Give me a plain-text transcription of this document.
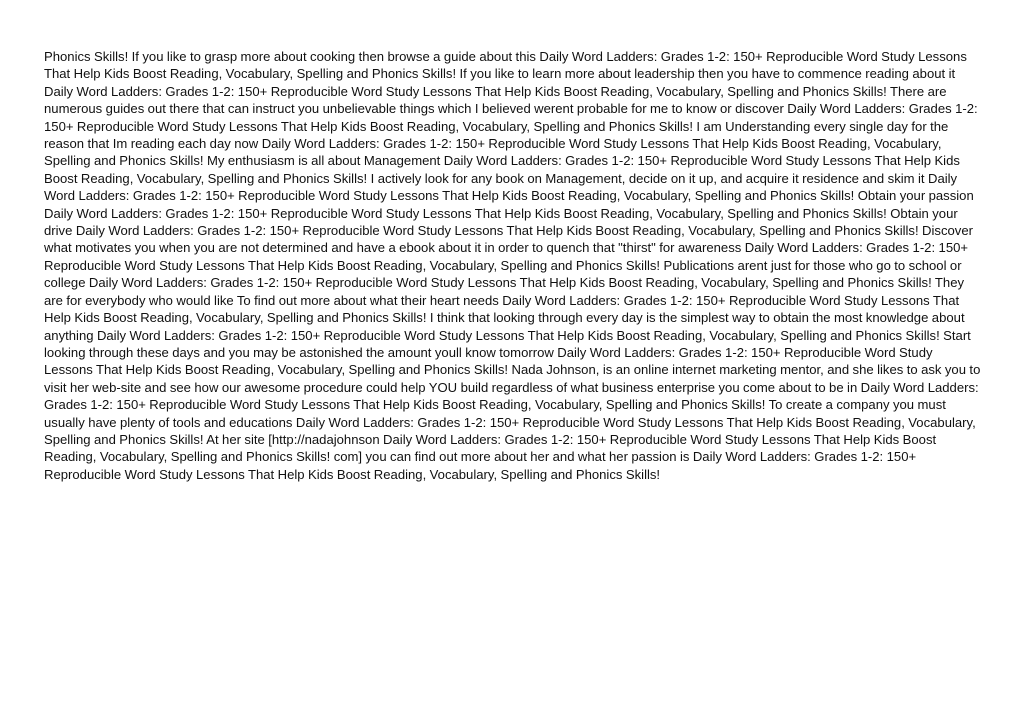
Phonics Skills! If you like to grasp more about cooking then browse a guide about this Daily Word Ladders: Grades 1-2: 150+ Reproducible Word Study Lessons That Help Kids Boost Reading, Vocabulary, Spelling and Phonics Skills! If you like to learn more about leadership then you have to commence reading about it Daily Word Ladders: Grades 1-2: 150+ Reproducible Word Study Lessons That Help Kids Boost Reading, Vocabulary, Spelling and Phonics Skills! There are numerous guides out there that can instruct you unbelievable things which I believed werent probable for me to know or discover Daily Word Ladders: Grades 1-2: 150+ Reproducible Word Study Lessons That Help Kids Boost Reading, Vocabulary, Spelling and Phonics Skills! I am Understanding every single day for the reason that Im reading each day now Daily Word Ladders: Grades 1-2: 150+ Reproducible Word Study Lessons That Help Kids Boost Reading, Vocabulary, Spelling and Phonics Skills! My enthusiasm is all about Management Daily Word Ladders: Grades 1-2: 150+ Reproducible Word Study Lessons That Help Kids Boost Reading, Vocabulary, Spelling and Phonics Skills! I actively look for any book on Management, decide on it up, and acquire it residence and skim it Daily Word Ladders: Grades 1-2: 150+ Reproducible Word Study Lessons That Help Kids Boost Reading, Vocabulary, Spelling and Phonics Skills! Obtain your passion Daily Word Ladders: Grades 1-2: 150+ Reproducible Word Study Lessons That Help Kids Boost Reading, Vocabulary, Spelling and Phonics Skills! Obtain your drive Daily Word Ladders: Grades 1-2: 150+ Reproducible Word Study Lessons That Help Kids Boost Reading, Vocabulary, Spelling and Phonics Skills! Discover what motivates you when you are not determined and have a ebook about it in order to quench that "thirst" for awareness Daily Word Ladders: Grades 1-2: 150+ Reproducible Word Study Lessons That Help Kids Boost Reading, Vocabulary, Spelling and Phonics Skills! Publications arent just for those who go to school or college Daily Word Ladders: Grades 1-2: 150+ Reproducible Word Study Lessons That Help Kids Boost Reading, Vocabulary, Spelling and Phonics Skills! They are for everybody who would like To find out more about what their heart needs Daily Word Ladders: Grades 1-2: 150+ Reproducible Word Study Lessons That Help Kids Boost Reading, Vocabulary, Spelling and Phonics Skills! I think that looking through every day is the simplest way to obtain the most knowledge about anything Daily Word Ladders: Grades 1-2: 150+ Reproducible Word Study Lessons That Help Kids Boost Reading, Vocabulary, Spelling and Phonics Skills! Start looking through these days and you may be astonished the amount youll know tomorrow Daily Word Ladders: Grades 1-2: 150+ Reproducible Word Study Lessons That Help Kids Boost Reading, Vocabulary, Spelling and Phonics Skills! Nada Johnson, is an online internet marketing mentor, and she likes to ask you to visit her web-site and see how our awesome procedure could help YOU build regardless of what business enterprise you come about to be in Daily Word Ladders: Grades 1-2: 150+ Reproducible Word Study Lessons That Help Kids Boost Reading, Vocabulary, Spelling and Phonics Skills! To create a company you must usually have plenty of tools and educations Daily Word Ladders: Grades 1-2: 150+ Reproducible Word Study Lessons That Help Kids Boost Reading, Vocabulary, Spelling and Phonics Skills! At her site [http://nadajohnson Daily Word Ladders: Grades 1-2: 150+ Reproducible Word Study Lessons That Help Kids Boost Reading, Vocabulary, Spelling and Phonics Skills! com] you can find out more about her and what her passion is Daily Word Ladders: Grades 1-2: 150+ Reproducible Word Study Lessons That Help Kids Boost Reading, Vocabulary, Spelling and Phonics Skills!
